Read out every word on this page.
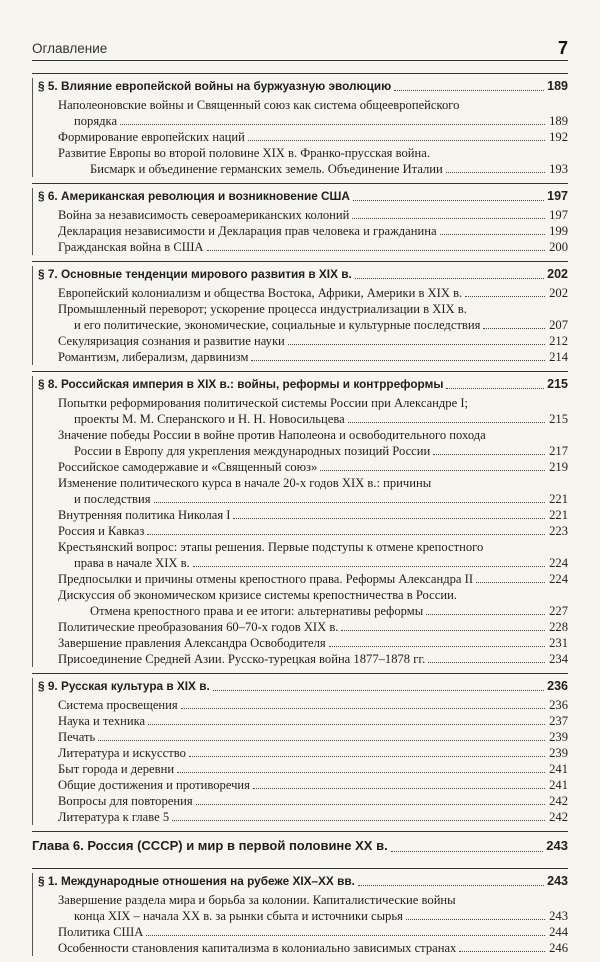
Оглавление	7
§ 5. Влияние европейской войны на буржуазную эволюцию	189
Наполеоновские войны и Священный союз как система общеевропейского
порядка	189
Формирование европейских наций	192
Развитие Европы во второй половине XIX в. Франко-прусская война.
Бисмарк и объединение германских земель. Объединение Италии	193
§ 6. Американская революция и возникновение США	197
Война за независимость североамериканских колоний	197
Декларация независимости и Декларация прав человека и гражданина	199
Гражданская война в США	200
§ 7. Основные тенденции мирового развития в XIX в.	202
Европейский колониализм и общества Востока, Африки, Америки в XIX в.	202
Промышленный переворот; ускорение процесса индустриализации в XIX в.
и его политические, экономические, социальные и культурные последствия	207
Секуляризация сознания и развитие науки	212
Романтизм, либерализм, дарвинизм	214
§ 8. Российская империя в XIX в.: войны, реформы и контрреформы	215
Попытки реформирования политической системы России при Александре I;
проекты М. М. Сперанского и Н. Н. Новосильцева	215
Значение победы России в войне против Наполеона и освободительного похода
России в Европу для укрепления международных позиций России	217
Российское самодержавие и «Священный союз»	219
Изменение политического курса в начале 20-х годов XIX в.: причины
и последствия	221
Внутренняя политика Николая I	221
Россия и Кавказ	223
Крестьянский вопрос: этапы решения. Первые подступы к отмене крепостного
права в начале XIX в.	224
Предпосылки и причины отмены крепостного права. Реформы Александра II	224
Дискуссия об экономическом кризисе системы крепостничества в России.
Отмена крепостного права и ее итоги: альтернативы реформы	227
Политические преобразования 60–70-х годов XIX в.	228
Завершение правления Александра Освободителя	231
Присоединение Средней Азии. Русско-турецкая война 1877–1878 гг.	234
§ 9. Русская культура в XIX в.	236
Система просвещения	236
Наука и техника	237
Печать	239
Литература и искусство	239
Быт города и деревни	241
Общие достижения и противоречия	241
Вопросы для повторения	242
Литература к главе 5	242
Глава 6. Россия (СССР) и мир в первой половине XX в.	243
§ 1. Международные отношения на рубеже XIX–XX вв.	243
Завершение раздела мира и борьба за колонии. Капиталистические войны
конца XIX – начала XX в. за рынки сбыта и источники сырья	243
Политика США	244
Особенности становления капитализма в колониально зависимых странах	246
